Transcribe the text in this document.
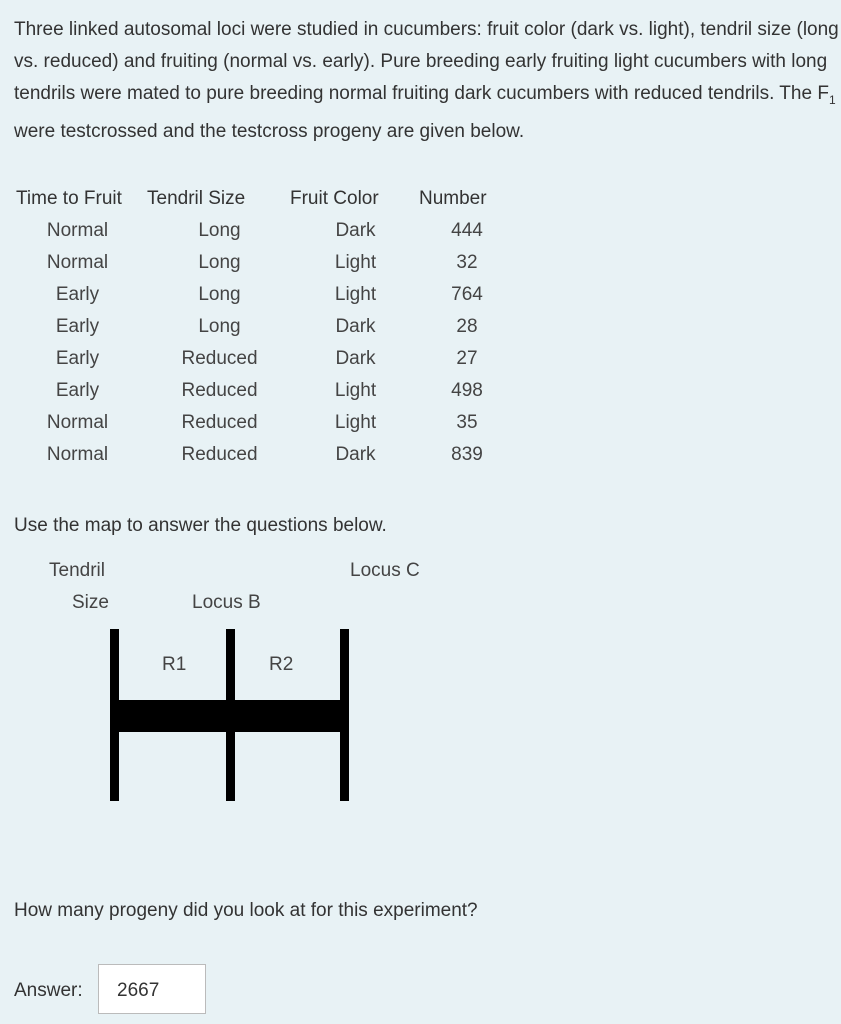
Three linked autosomal loci were studied in cucumbers: fruit color (dark vs. light), tendril size (long vs. reduced) and fruiting (normal vs. early). Pure breeding early fruiting light cucumbers with long tendrils were mated to pure breeding normal fruiting dark cucumbers with reduced tendrils. The $F_1$ were testcrossed and the testcross progeny are given below.
Time to Fruit	Tendril Size	Fruit Color	Number
Normal	Long	Dark	444
Normal	Long	Light	32
Early	Long	Light	764
Early	Long	Dark	28
Early	Reduced	Dark	27
Early	Reduced	Light	498
Normal	Reduced	Light	35
Normal	Reduced	Dark	839
Use the map to answer the questions below.
Tendril
Size	Locus B
Locus C
R1	R2
How many progeny did you look at for this experiment?
Answer:	2667
